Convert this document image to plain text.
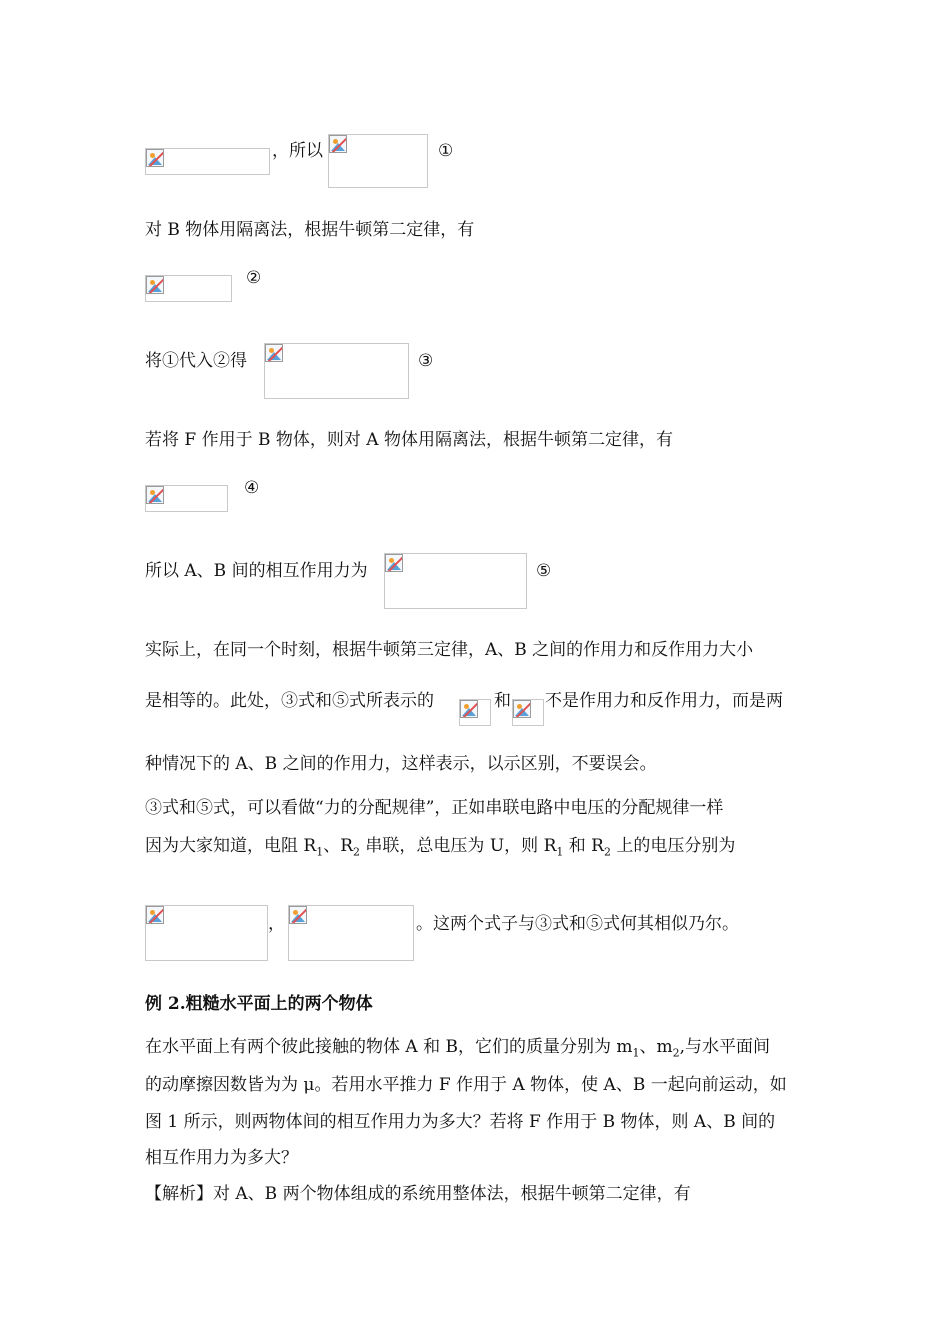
，所以	①
对 B 物体用隔离法，根据牛顿第二定律，有
②
将①代入②得	③
若将 F 作用于 B 物体，则对 A 物体用隔离法，根据牛顿第二定律，有
④
所以 A、B 间的相互作用力为	⑤
实际上，在同一个时刻，根据牛顿第三定律，A、B 之间的作用力和反作用力大小
是相等的。此处，③式和⑤式所表示的	和 不是作用力和反作用力，而是两
种情况下的 A、B 之间的作用力，这样表示，以示区别，不要误会。
③式和⑤式，可以看做“力的分配规律”，正如串联电路中电压的分配规律一样
因为大家知道，电阻 $R_1$、$R_2$ 串联，总电压为 U，则 $R_1$ 和 $R_2$ 上的电压分别为
，	。这两个式子与③式和⑤式何其相似乃尔。
例 2.粗糙水平面上的两个物体
在水平面上有两个彼此接触的物体 A 和 B，它们的质量分别为 $m_1$、$m_2$,与水平面间
的动摩擦因数皆为为 μ。若用水平推力 F 作用于 A 物体，使 A、B 一起向前运动，如
图 1 所示，则两物体间的相互作用力为多大？若将 F 作用于 B 物体，则 A、B 间的
相互作用力为多大？
【解析】对 A、B 两个物体组成的系统用整体法，根据牛顿第二定律，有
